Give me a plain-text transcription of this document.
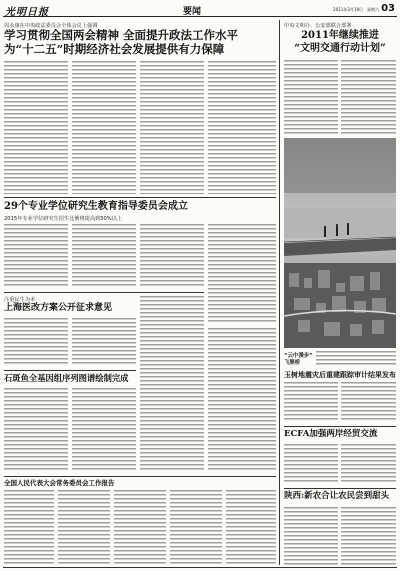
光明日报	要闻	2011年3月19日　星期六 03
周永康在中央政法委员会全体会议上强调
学习贯彻全国两会精神 全面提升政法工作水平
为“十二五”时期经济社会发展提供有力保障
中央文明办、公安部联合部署
2011年继续推进
“文明交通行动计划”
“云中漫步”
飞聚桥
玉树地震灾后重建跟踪审计结果发布
ECFA加强两岸经贸交流
陕西:新农合让农民尝到甜头
29个专业学位研究生教育指导委员会成立
2015年专业学位研究生招生比例将提高到50%以上
注重民生为本
上海医改方案公开征求意见
石斑鱼全基因组序列图谱绘制完成
全国人民代表大会常务委员会工作报告
